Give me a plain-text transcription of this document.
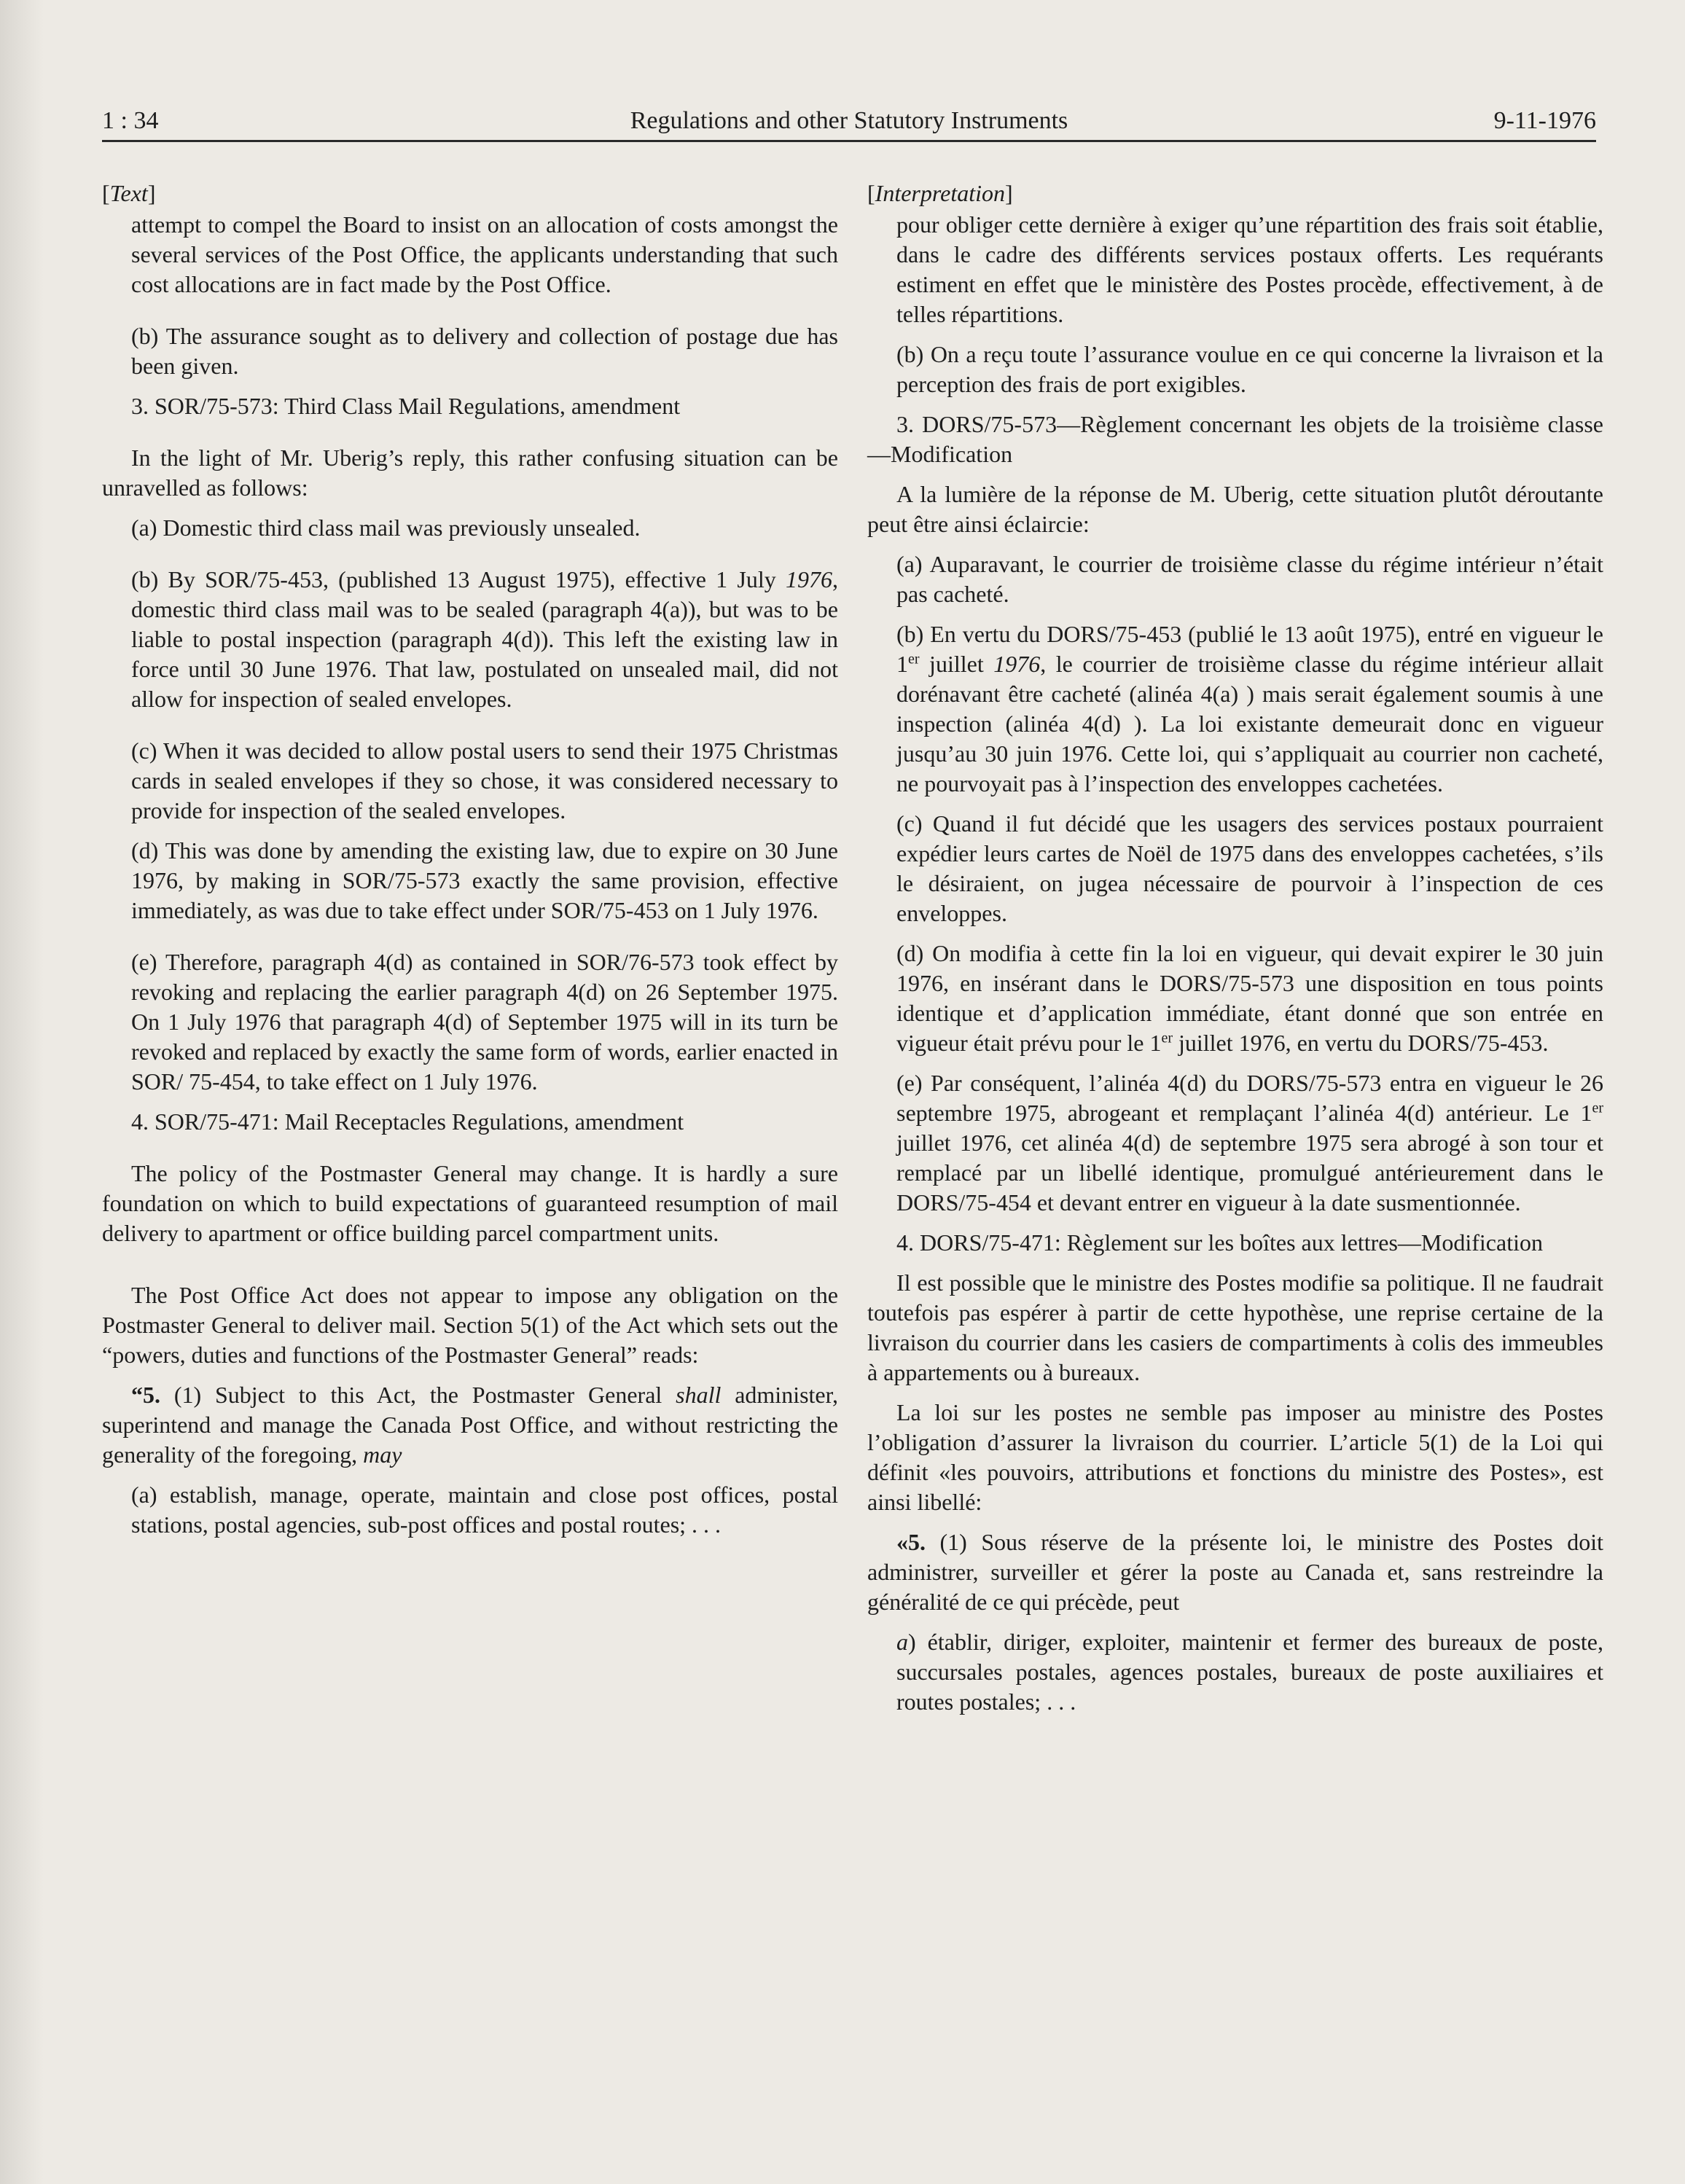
1 : 34	Regulations and other Statutory Instruments	9-11-1976
[Text]
attempt to compel the Board to insist on an allocation of costs amongst the several services of the Post Office, the applicants understanding that such cost allocations are in fact made by the Post Office.
(b) The assurance sought as to delivery and collection of postage due has been given.
3. SOR/75-573: Third Class Mail Regulations, amendment
In the light of Mr. Uberig’s reply, this rather confusing situation can be unravelled as follows:
(a) Domestic third class mail was previously unsealed.
(b) By SOR/75-453, (published 13 August 1975), effective 1 July 1976, domestic third class mail was to be sealed (paragraph 4(a)), but was to be liable to postal inspection (paragraph 4(d)). This left the existing law in force until 30 June 1976. That law, postulated on unsealed mail, did not allow for inspection of sealed envelopes.
(c) When it was decided to allow postal users to send their 1975 Christmas cards in sealed envelopes if they so chose, it was considered necessary to provide for inspection of the sealed envelopes.
(d) This was done by amending the existing law, due to expire on 30 June 1976, by making in SOR/75-573 exactly the same provision, effective immediately, as was due to take effect under SOR/75-453 on 1 July 1976.
(e) Therefore, paragraph 4(d) as contained in SOR/76-573 took effect by revoking and replacing the earlier paragraph 4(d) on 26 September 1975. On 1 July 1976 that paragraph 4(d) of September 1975 will in its turn be revoked and replaced by exactly the same form of words, earlier enacted in SOR/ 75-454, to take effect on 1 July 1976.
4. SOR/75-471: Mail Receptacles Regulations, amendment
The policy of the Postmaster General may change. It is hardly a sure foundation on which to build expectations of guaranteed resumption of mail delivery to apartment or office building parcel compartment units.
The Post Office Act does not appear to impose any obligation on the Postmaster General to deliver mail. Section 5(1) of the Act which sets out the “powers, duties and functions of the Postmaster General” reads:
“5. (1) Subject to this Act, the Postmaster General shall administer, superintend and manage the Canada Post Office, and without restricting the generality of the foregoing, may
(a) establish, manage, operate, maintain and close post offices, postal stations, postal agencies, sub-post offices and postal routes; . . .
[Interpretation]
pour obliger cette dernière à exiger qu’une répartition des frais soit établie, dans le cadre des différents services postaux offerts. Les requérants estiment en effet que le ministère des Postes procède, effectivement, à de telles répartitions.
(b) On a reçu toute l’assurance voulue en ce qui concerne la livraison et la perception des frais de port exigibles.
3. DORS/75-573—Règlement concernant les objets de la troisième classe—Modification
A la lumière de la réponse de M. Uberig, cette situation plutôt déroutante peut être ainsi éclaircie:
(a) Auparavant, le courrier de troisième classe du régime intérieur n’était pas cacheté.
(b) En vertu du DORS/75-453 (publié le 13 août 1975), entré en vigueur le 1er juillet 1976, le courrier de troisième classe du régime intérieur allait dorénavant être cacheté (alinéa 4(a) ) mais serait également soumis à une inspection (alinéa 4(d) ). La loi existante demeurait donc en vigueur jusqu’au 30 juin 1976. Cette loi, qui s’appliquait au courrier non cacheté, ne pourvoyait pas à l’inspection des enveloppes cachetées.
(c) Quand il fut décidé que les usagers des services postaux pourraient expédier leurs cartes de Noël de 1975 dans des enveloppes cachetées, s’ils le désiraient, on jugea nécessaire de pourvoir à l’inspection de ces enveloppes.
(d) On modifia à cette fin la loi en vigueur, qui devait expirer le 30 juin 1976, en insérant dans le DORS/75-573 une disposition en tous points identique et d’application immédiate, étant donné que son entrée en vigueur était prévu pour le 1er juillet 1976, en vertu du DORS/75-453.
(e) Par conséquent, l’alinéa 4(d) du DORS/75-573 entra en vigueur le 26 septembre 1975, abrogeant et remplaçant l’alinéa 4(d) antérieur. Le 1er juillet 1976, cet alinéa 4(d) de septembre 1975 sera abrogé à son tour et remplacé par un libellé identique, promulgué antérieurement dans le DORS/75-454 et devant entrer en vigueur à la date susmentionnée.
4. DORS/75-471: Règlement sur les boîtes aux lettres—Modification
Il est possible que le ministre des Postes modifie sa politique. Il ne faudrait toutefois pas espérer à partir de cette hypothèse, une reprise certaine de la livraison du courrier dans les casiers de compartiments à colis des immeubles à appartements ou à bureaux.
La loi sur les postes ne semble pas imposer au ministre des Postes l’obligation d’assurer la livraison du courrier. L’article 5(1) de la Loi qui définit «les pouvoirs, attributions et fonctions du ministre des Postes», est ainsi libellé:
«5. (1) Sous réserve de la présente loi, le ministre des Postes doit administrer, surveiller et gérer la poste au Canada et, sans restreindre la généralité de ce qui précède, peut
a) établir, diriger, exploiter, maintenir et fermer des bureaux de poste, succursales postales, agences postales, bureaux de poste auxiliaires et routes postales; . . .
